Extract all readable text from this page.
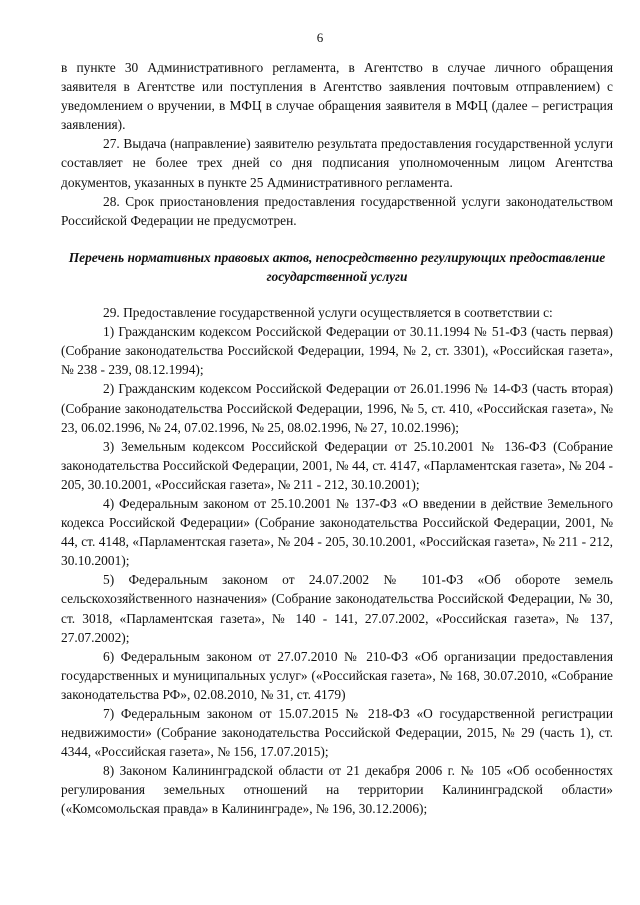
6

в пункте 30 Административного регламента, в Агентство в случае личного обращения заявителя в Агентстве или поступления в Агентство заявления почтовым отправлением) с уведомлением о вручении, в МФЦ в случае обращения заявителя в МФЦ (далее – регистрация заявления).

27. Выдача (направление) заявителю результата предоставления государственной услуги составляет не более трех дней со дня подписания уполномоченным лицом Агентства документов, указанных в пункте 25 Административного регламента.

28. Срок приостановления предоставления государственной услуги законодательством Российской Федерации не предусмотрен.

Перечень нормативных правовых актов, непосредственно регулирующих предоставление государственной услуги

29. Предоставление государственной услуги осуществляется в соответствии с:

1) Гражданским кодексом Российской Федерации от 30.11.1994 № 51-ФЗ (часть первая) (Собрание законодательства Российской Федерации, 1994, № 2, ст. 3301), «Российская газета», № 238 - 239, 08.12.1994);

2) Гражданским кодексом Российской Федерации от 26.01.1996 № 14-ФЗ (часть вторая) (Собрание законодательства Российской Федерации, 1996, № 5, ст. 410, «Российская газета», № 23, 06.02.1996, № 24, 07.02.1996, № 25, 08.02.1996, № 27, 10.02.1996);

3) Земельным кодексом Российской Федерации от 25.10.2001 № 136-ФЗ (Собрание законодательства Российской Федерации, 2001, № 44, ст. 4147, «Парламентская газета», № 204 - 205, 30.10.2001, «Российская газета», № 211 - 212, 30.10.2001);

4) Федеральным законом от 25.10.2001 № 137-ФЗ «О введении в действие Земельного кодекса Российской Федерации» (Собрание законодательства Российской Федерации, 2001, № 44, ст. 4148, «Парламентская газета», № 204 - 205, 30.10.2001, «Российская газета», № 211 - 212, 30.10.2001);

5) Федеральным законом от 24.07.2002 № 101-ФЗ «Об обороте земель сельскохозяйственного назначения» (Собрание законодательства Российской Федерации, № 30, ст. 3018, «Парламентская газета», № 140 - 141, 27.07.2002, «Российская газета», № 137, 27.07.2002);

6) Федеральным законом от 27.07.2010 № 210-ФЗ «Об организации предоставления государственных и муниципальных услуг» («Российская газета», № 168, 30.07.2010, «Собрание законодательства РФ», 02.08.2010, № 31, ст. 4179)

7) Федеральным законом от 15.07.2015 № 218-ФЗ «О государственной регистрации недвижимости» (Собрание законодательства Российской Федерации, 2015, № 29 (часть 1), ст. 4344, «Российская газета», № 156, 17.07.2015);

8) Законом Калининградской области от 21 декабря 2006 г. № 105 «Об особенностях регулирования земельных отношений на территории Калининградской области» («Комсомольская правда» в Калининграде», № 196, 30.12.2006);
